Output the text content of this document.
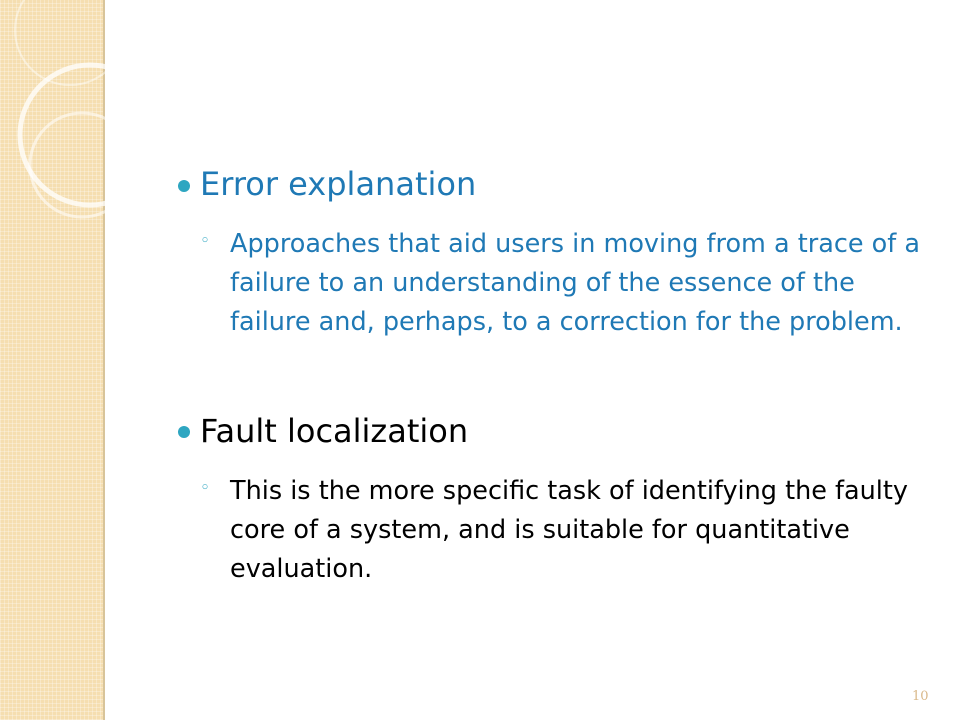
Error explanation
◦ Approaches that aid users in moving from a trace of a failure to an understanding of the essence of the failure and, perhaps, to a correction for the problem.
Fault localization
◦ This is the more specific task of identifying the faulty core of a system, and is suitable for quantitative evaluation.
10
